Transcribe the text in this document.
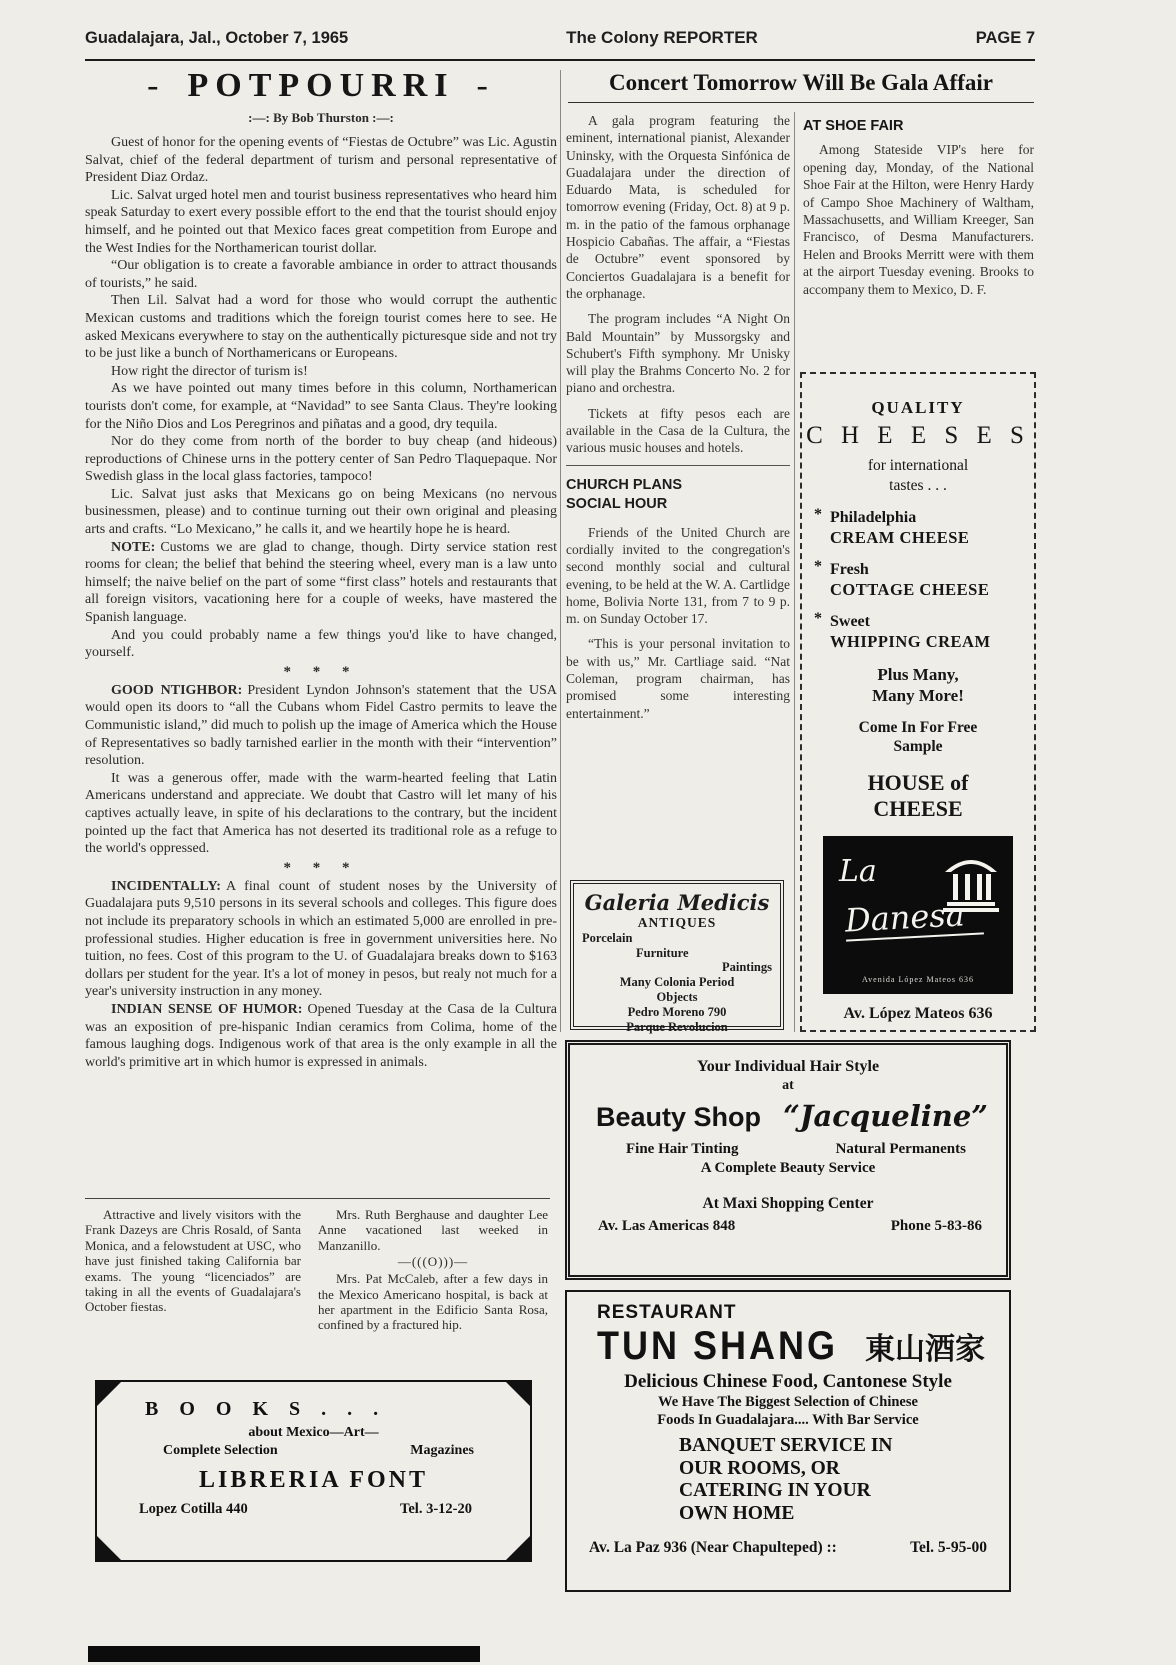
Guadalajara, Jal., October 7, 1965	The Colony REPORTER	PAGE 7
- POTPOURRI -
:—: By Bob Thurston :—:

Guest of honor for the opening events of “Fiestas de Octubre” was Lic. Agustin Salvat, chief of the federal department of turism and personal representative of President Diaz Ordaz.

Lic. Salvat urged hotel men and tourist business representatives who heard him speak Saturday to exert every possible effort to the end that the tourist should enjoy himself, and he pointed out that Mexico faces great competition from Europe and the West Indies for the Northamerican tourist dollar.

“Our obligation is to create a favorable ambiance in order to attract thousands of tourists,” he said.

Then Lil. Salvat had a word for those who would corrupt the authentic Mexican customs and traditions which the foreign tourist comes here to see. He asked Mexicans everywhere to stay on the authentically picturesque side and not try to be just like a bunch of Northamericans or Europeans.

How right the director of turism is!

As we have pointed out many times before in this column, Northamerican tourists don't come, for example, at “Navidad” to see Santa Claus. They're looking for the Niño Dios and Los Peregrinos and piñatas and a good, dry tequila.

Nor do they come from north of the border to buy cheap (and hideous) reproductions of Chinese urns in the pottery center of San Pedro Tlaquepaque. Nor Swedish glass in the local glass factories, tampoco!

Lic. Salvat just asks that Mexicans go on being Mexicans (no nervous businessmen, please) and to continue turning out their own original and pleasing arts and crafts. “Lo Mexicano,” he calls it, and we heartily hope he is heard.

NOTE: Customs we are glad to change, though. Dirty service station rest rooms for clean; the belief that behind the steering wheel, every man is a law unto himself; the naive belief on the part of some “first class” hotels and restaurants that all foreign visitors, vacationing here for a couple of weeks, have mastered the Spanish language.

And you could probably name a few things you'd like to have changed, yourself.

* * *

GOOD NTIGHBOR: President Lyndon Johnson's statement that the USA would open its doors to “all the Cubans whom Fidel Castro permits to leave the Communistic island,” did much to polish up the image of America which the House of Representatives so badly tarnished earlier in the month with their “intervention” resolution.

It was a generous offer, made with the warm-hearted feeling that Latin Americans understand and appreciate. We doubt that Castro will let many of his captives actually leave, in spite of his declarations to the contrary, but the incident pointed up the fact that America has not deserted its traditional role as a refuge to the world's oppressed.

* * *

INCIDENTALLY: A final count of student noses by the University of Guadalajara puts 9,510 persons in its several schools and colleges. This figure does not include its preparatory schools in which an estimated 5,000 are enrolled in pre-professional studies. Higher education is free in government universities here. No tuition, no fees. Cost of this program to the U. of Guadalajara breaks down to $163 dollars per student for the year. It's a lot of money in pesos, but realy not much for a year's university instruction in any money.

INDIAN SENSE OF HUMOR: Opened Tuesday at the Casa de la Cultura was an exposition of pre-hispanic Indian ceramics from Colima, home of the famous laughing dogs. Indigenous work of that area is the only example in all the world's primitive art in which humor is expressed in animals.

Concert Tomorrow Will Be Gala Affair

A gala program featuring the eminent, international pianist, Alexander Uninsky, with the Orquesta Sinfónica de Guadalajara under the direction of Eduardo Mata, is scheduled for tomorrow evening (Friday, Oct. 8) at 9 p. m. in the patio of the famous orphanage Hospicio Cabañas. The affair, a “Fiestas de Octubre” event sponsored by Conciertos Guadalajara is a benefit for the orphanage.

The program includes “A Night On Bald Mountain” by Mussorgsky and Schubert's Fifth symphony. Mr Unisky will play the Brahms Concerto No. 2 for piano and orchestra.

Tickets at fifty pesos each are available in the Casa de la Cultura, the various music houses and hotels.

CHURCH PLANS
SOCIAL HOUR

Friends of the United Church are cordially invited to the congregation's second monthly social and cultural evening, to be held at the W. A. Cartlidge home, Bolivia Norte 131, from 7 to 9 p. m. on Sunday October 17.

“This is your personal invitation to be with us,” Mr. Cartliage said. “Nat Coleman, program chairman, has promised some interesting entertainment.”

Galeria Medicis
ANTIQUES
Porcelain
Furniture
Paintings
Many Colonia Period
Objects
Pedro Moreno 790
Parque Revolucion
AT SHOE FAIR

Among Stateside VIP's here for opening day, Monday, of the National Shoe Fair at the Hilton, were Henry Hardy of Campo Shoe Machinery of Waltham, Massachusetts, and William Kreeger, San Francisco, of Desma Manufacturers. Helen and Brooks Merritt were with them at the airport Tuesday evening. Brooks to accompany them to Mexico, D. F.

QUALITY
C H E E S E S
for international
tastes . . .
* Philadelphia
CREAM CHEESE
* Fresh
COTTAGE CHEESE
* Sweet
WHIPPING CREAM
Plus Many,
Many More!
Come In For Free
Sample
HOUSE of
CHEESE
La
Danesa
Avenida López Mateos 636
Av. López Mateos 636
Your Individual Hair Style
at
Beauty Shop “Jacqueline”
Fine Hair Tinting	Natural Permanents
A Complete Beauty Service
At Maxi Shopping Center
Av. Las Americas 848	Phone 5-83-86
RESTAURANT
TUN SHANG 東山酒家
Delicious Chinese Food, Cantonese Style
We Have The Biggest Selection of Chinese
Foods In Guadalajara.... With Bar Service
BANQUET SERVICE IN
OUR ROOMS, OR
CATERING IN YOUR
OWN HOME
Av. La Paz 936 (Near Chapulteped) ::	Tel. 5-95-00

Attractive and lively visitors with the Frank Dazeys are Chris Rosald, of Santa Monica, and a felowstudent at USC, who have just finished taking California bar exams. The young “licenciados” are taking in all the events of Guadalajara's October fiestas.

Mrs. Ruth Berghause and daughter Lee Anne vacationed last weeked in Manzanillo.

—(((O)))—

Mrs. Pat McCaleb, after a few days in the Mexico Americano hospital, is back at her apartment in the Edificio Santa Rosa, confined by a fractured hip.

B O O K S . . .
about Mexico—Art—
Complete Selection	Magazines
LIBRERIA FONT
Lopez Cotilla 440	Tel. 3-12-20
